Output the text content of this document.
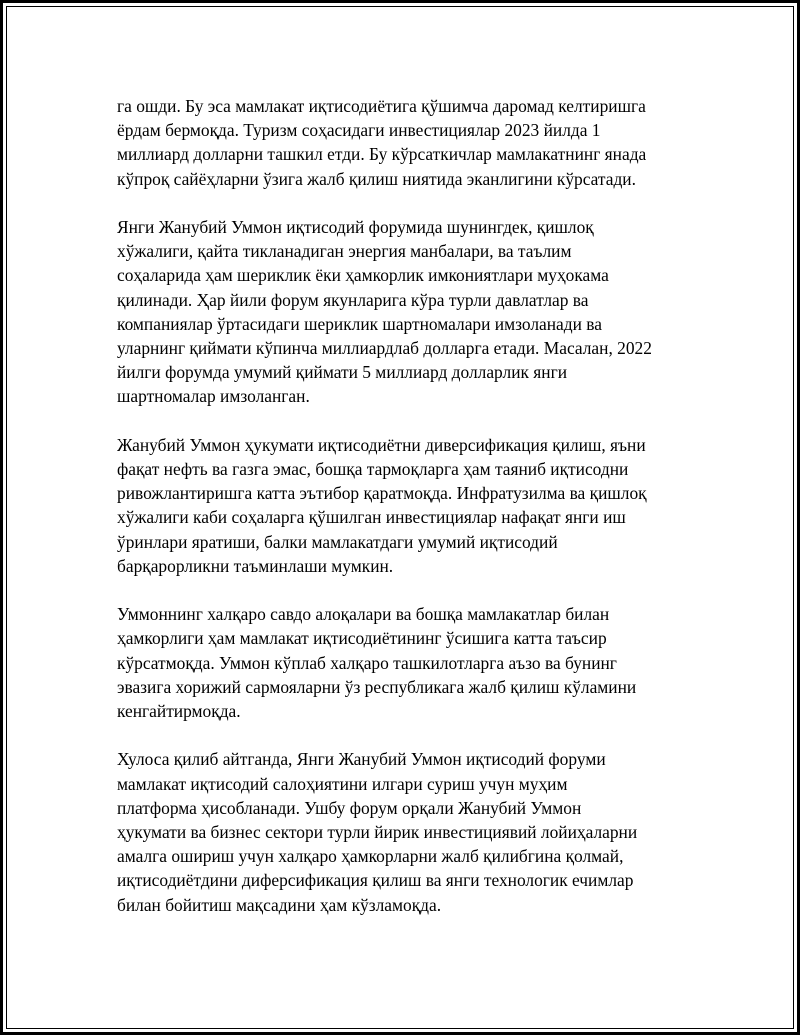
га ошди. Бу эса мамлакат иқтисодиётига қўшимча даромад келтиришга
ёрдам бермоқда. Туризм соҳасидаги инвестициялар 2023 йилда 1
миллиард долларни ташкил етди. Бу кўрсаткичлар мамлакатнинг янада
кўпроқ сайёҳларни ўзига жалб қилиш ниятида эканлигини кўрсатади.

Янги Жанубий Уммон иқтисодий форумида шунингдек, қишлоқ
хўжалиги, қайта тикланадиган энергия манбалари, ва таълим
соҳаларида ҳам шериклик ёки ҳамкорлик имкониятлари муҳокама
қилинади. Ҳар йили форум якунларига кўра турли давлатлар ва
компаниялар ўртасидаги шериклик шартномалари имзоланади ва
уларнинг қиймати кўпинча миллиардлаб долларга етади. Масалан, 2022
йилги форумда умумий қиймати 5 миллиард долларлик янги
шартномалар имзоланган.

Жанубий Уммон ҳукумати иқтисодиётни диверсификация қилиш, яъни
фақат нефть ва газга эмас, бошқа тармоқларга ҳам таяниб иқтисодни
ривожлантиришга катта эътибор қаратмоқда. Инфратузилма ва қишлоқ
хўжалиги каби соҳаларга қўшилган инвестициялар нафақат янги иш
ўринлари яратиши, балки мамлакатдаги умумий иқтисодий
барқарорликни таъминлаши мумкин.

Уммоннинг халқаро савдо алоқалари ва бошқа мамлакатлар билан
ҳамкорлиги ҳам мамлакат иқтисодиётининг ўсишига катта таъсир
кўрсатмоқда. Уммон кўплаб халқаро ташкилотларга аъзо ва бунинг
эвазига хорижий сармояларни ўз республикага жалб қилиш кўламини
кенгайтирмоқда.

Хулоса қилиб айтганда, Янги Жанубий Уммон иқтисодий форуми
мамлакат иқтисодий салоҳиятини илгари суриш учун муҳим
платформа ҳисобланади. Ушбу форум орқали Жанубий Уммон
ҳукумати ва бизнес сектори турли йирик инвестициявий лойиҳаларни
амалга ошириш учун халқаро ҳамкорларни жалб қилибгина қолмай,
иқтисодиётдини диферсификация қилиш ва янги технологик ечимлар
билан бойитиш мақсадини ҳам кўзламоқда.
